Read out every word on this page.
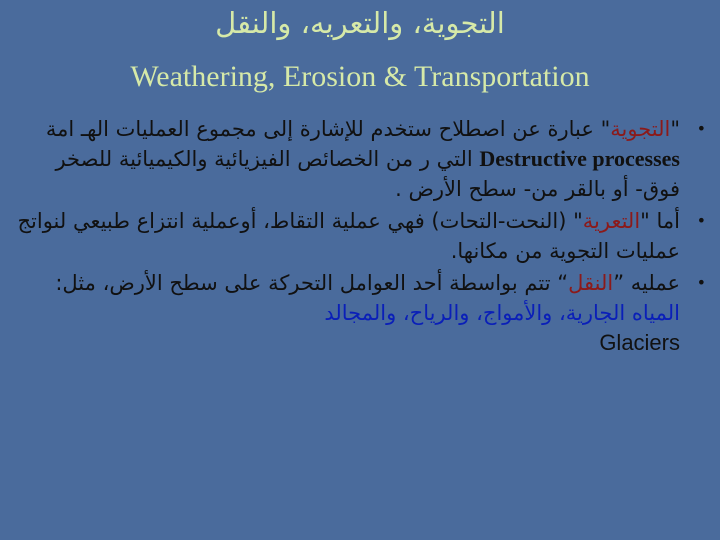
التجوية، والتعريه، والنقل
Weathering, Erosion & Transportation
•
"التجوية" عبارة عن اصطلاح ستخدم للإشارة إلى مجموع العمليات الهـ امة Destructive processes التي ر من الخصائص الفيزيائية والكيميائية للصخر فوق- أو بالقر من- سطح الأرض .
•
أما "التعرية" (النحت-التحات) فهي عملية التقاط، أوعملية انتزاع طبيعي لنواتج عمليات التجوية من مكانها.
•
عمليه ”النقل“ تتم بواسطة أحد العوامل التحركة على سطح الأرض، مثل: المياه الجارية، والأمواج، والرياح، والمجالد
Glaciers
